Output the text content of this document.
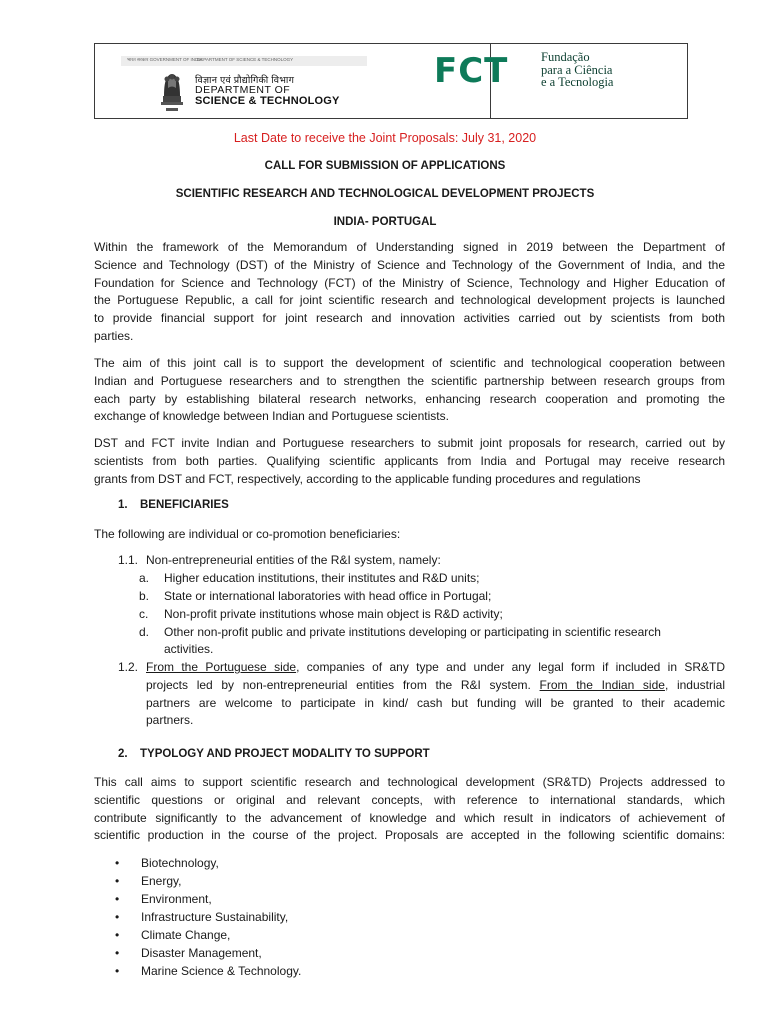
भारत सरकार GOVERNMENT OF INDIA
DEPARTMENT OF SCIENCE & TECHNOLOGY
विज्ञान एवं प्रौद्योगिकी विभाग
DEPARTMENT OF
SCIENCE & TECHNOLOGY
FCT	Fundação
para a Ciência
e a Tecnologia
Last Date to receive the Joint Proposals: July 31, 2020
CALL FOR SUBMISSION OF APPLICATIONS
SCIENTIFIC RESEARCH AND TECHNOLOGICAL DEVELOPMENT PROJECTS
INDIA- PORTUGAL
Within the framework of the Memorandum of Understanding signed in 2019 between the Department of
Science and Technology (DST) of the Ministry of Science and Technology of the Government of India, and the
Foundation for Science and Technology (FCT) of the Ministry of Science, Technology and Higher Education of
the Portuguese Republic, a call for joint scientific research and technological development projects is launched
to provide financial support for joint research and innovation activities carried out by scientists from both
parties.
The aim of this joint call is to support the development of scientific and technological cooperation between
Indian and Portuguese researchers and to strengthen the scientific partnership between research groups from
each party by establishing bilateral research networks, enhancing research cooperation and promoting the
exchange of knowledge between Indian and Portuguese scientists.
DST and FCT invite Indian and Portuguese researchers to submit joint proposals for research, carried out by
scientists from both parties. Qualifying scientific applicants from India and Portugal may receive research
grants from DST and FCT, respectively, according to the applicable funding procedures and regulations
1. BENEFICIARIES
The following are individual or co-promotion beneficiaries:
1.1. Non-entrepreneurial entities of the R&I system, namely:
a. Higher education institutions, their institutes and R&D units;
b. State or international laboratories with head office in Portugal;
c. Non-profit private institutions whose main object is R&D activity;
d. Other non-profit public and private institutions developing or participating in scientific research
activities.
1.2. From the Portuguese side, companies of any type and under any legal form if included in SR&TD
projects led by non-entrepreneurial entities from the R&I system. From the Indian side, industrial
partners are welcome to participate in kind/ cash but funding will be granted to their academic
partners.
2. TYPOLOGY AND PROJECT MODALITY TO SUPPORT
This call aims to support scientific research and technological development (SR&TD) Projects addressed to
scientific questions or original and relevant concepts, with reference to international standards, which
contribute significantly to the advancement of knowledge and which result in indicators of achievement of
scientific production in the course of the project. Proposals are accepted in the following scientific domains:
• Biotechnology,
• Energy,
• Environment,
• Infrastructure Sustainability,
• Climate Change,
• Disaster Management,
• Marine Science & Technology.
